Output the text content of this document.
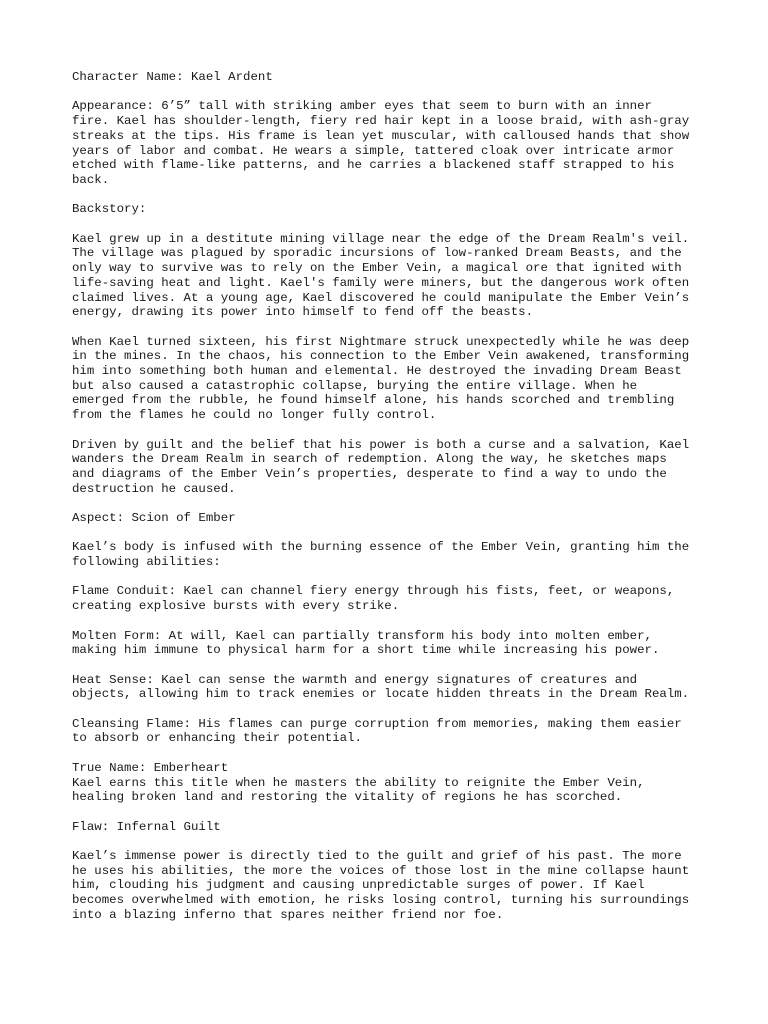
Character Name: Kael Ardent
Appearance: 6’5” tall with striking amber eyes that seem to burn with an inner
fire. Kael has shoulder-length, fiery red hair kept in a loose braid, with ash-gray
streaks at the tips. His frame is lean yet muscular, with calloused hands that show
years of labor and combat. He wears a simple, tattered cloak over intricate armor
etched with flame-like patterns, and he carries a blackened staff strapped to his
back.
Backstory:
Kael grew up in a destitute mining village near the edge of the Dream Realm's veil.
The village was plagued by sporadic incursions of low-ranked Dream Beasts, and the
only way to survive was to rely on the Ember Vein, a magical ore that ignited with
life-saving heat and light. Kael's family were miners, but the dangerous work often
claimed lives. At a young age, Kael discovered he could manipulate the Ember Vein’s
energy, drawing its power into himself to fend off the beasts.
When Kael turned sixteen, his first Nightmare struck unexpectedly while he was deep
in the mines. In the chaos, his connection to the Ember Vein awakened, transforming
him into something both human and elemental. He destroyed the invading Dream Beast
but also caused a catastrophic collapse, burying the entire village. When he
emerged from the rubble, he found himself alone, his hands scorched and trembling
from the flames he could no longer fully control.
Driven by guilt and the belief that his power is both a curse and a salvation, Kael
wanders the Dream Realm in search of redemption. Along the way, he sketches maps
and diagrams of the Ember Vein’s properties, desperate to find a way to undo the
destruction he caused.
Aspect: Scion of Ember
Kael’s body is infused with the burning essence of the Ember Vein, granting him the
following abilities:
Flame Conduit: Kael can channel fiery energy through his fists, feet, or weapons,
creating explosive bursts with every strike.
Molten Form: At will, Kael can partially transform his body into molten ember,
making him immune to physical harm for a short time while increasing his power.
Heat Sense: Kael can sense the warmth and energy signatures of creatures and
objects, allowing him to track enemies or locate hidden threats in the Dream Realm.
Cleansing Flame: His flames can purge corruption from memories, making them easier
to absorb or enhancing their potential.
True Name: Emberheart
Kael earns this title when he masters the ability to reignite the Ember Vein,
healing broken land and restoring the vitality of regions he has scorched.
Flaw: Infernal Guilt
Kael’s immense power is directly tied to the guilt and grief of his past. The more
he uses his abilities, the more the voices of those lost in the mine collapse haunt
him, clouding his judgment and causing unpredictable surges of power. If Kael
becomes overwhelmed with emotion, he risks losing control, turning his surroundings
into a blazing inferno that spares neither friend nor foe.
